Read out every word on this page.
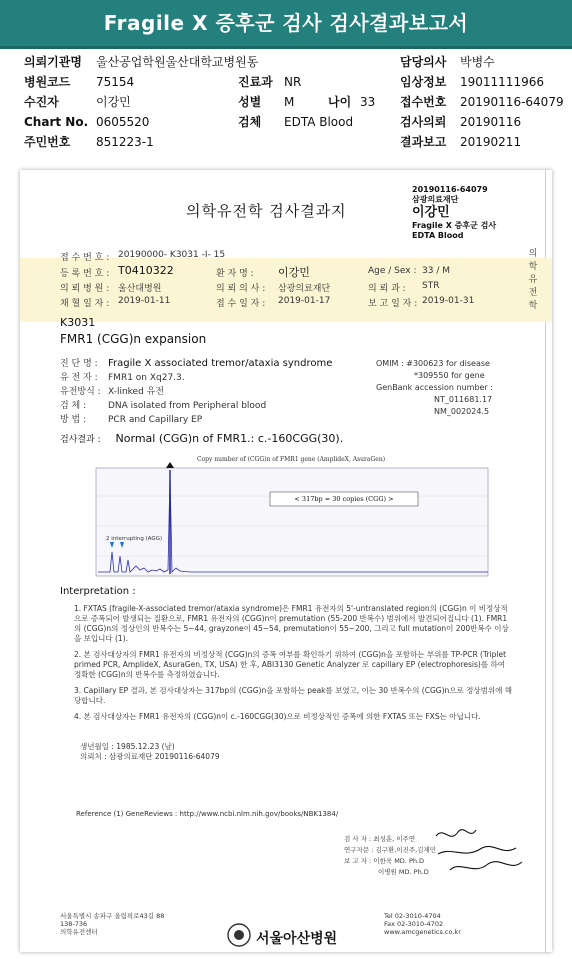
Fragile X 증후군 검사 검사결과보고서
의뢰기관명 울산공업학원울산대학교병원동	담당의사 박병수
병원코드 75154	진료과 NR	임상정보 19011111966
수진자	이강민	성별 M	나이 33 접수번호 20190116-64079
Chart No. 0605520	검체 EDTA Blood	검사의뢰 20190116
주민번호 851223-1	결과보고 20190211
20190116-64079
삼광의료재단
이강민
Fragile X 증후군 검사
EDTA Blood
의학유전학 검사결과지
의
학
유
전
학
접 수 번 호 : 20190000- K3031 -I- 15
등 록 번 호 : T0410322	환 자 명 : 이강민	Age / Sex : 33 / M
의 뢰 병 원 : 울산대병원	의 뢰 의 사 : 삼광의료재단	의 뢰 과 : STR
채 혈 일 자 : 2019-01-11	접 수 일 자 : 2019-01-17	보 고 일 자 : 2019-01-31
K3031
FMR1 (CGG)n expansion
진 단 명 : Fragile X associated tremor/ataxia syndrome
유 전 자 : FMR1 on Xq27.3.
유전방식 : X-linked 유전
검 체 : DNA isolated from Peripheral blood
방 법 : PCR and Capillary EP
OMIM : #300623 for disease
*309550 for gene
GenBank accession number :
NT_011681.17
NM_002024.5
검사결과 : Normal (CGG)n of FMR1.: c.-160CGG(30).
Copy number of (CGG)n of FMR1 gene (AmplideX, AsuraGen)
2 interrupting (AGG)
< 317bp = 30 copies (CGG) >
Interpretation :

1. FXTAS (fragile-X-associated tremor/ataxia syndrome)은 FMR1 유전자의 5'-untranslated region의 (CGG)n 이 비정상적으로 증폭되어 발생되는 질환으로, FMR1 유전자의 (CGG)n이 premutation (55-200 반복수) 범위에서 발견되어집니다 (1). FMR1의 (CGG)n의 정상인의 반복수는 5~44, grayzone이 45~54, premutation이 55~200, 그리고 full mutation이 200반복수 이상을 보입니다 (1).

2. 본 검사대상자의 FMR1 유전자의 비정상적 (CGG)n의 증폭 여부를 확인하기 위하여 (CGG)n을 포함하는 부위를 TP-PCR (Triplet primed PCR, AmplideX, AsuraGen, TX, USA) 한 후, ABI3130 Genetic Analyzer 로 capillary EP (electrophoresis)를 하여 정확한 (CGG)n의 반복수를 측정하였습니다.

3. Capillary EP 결과, 본 검사대상자는 317bp의 (CGG)n을 포함하는 peak를 보였고, 이는 30 반복수의 (CGG)n으로 정상범위에 해당합니다.

4. 본 검사대상자는 FMR1 유전자의 (CGG)n이 c.-160CGG(30)으로 비정상적인 증폭에 의한 FXTAS 또는 FXS는 아닙니다.

생년월일 : 1985.12.23 (남)
의뢰처 : 삼광의료재단 20190116-64079
Reference (1) GeneReviews : http://www.ncbi.nlm.nih.gov/books/NBK1384/
검 사 자 : 최성훈, 이주연
연구자문 : 김구환,이진주,김재민
보 고 자 : 이한욱 MD. Ph.D
이병원 MD. Ph.D
서울특별시 송파구 올림픽로43길 88
138-736
의학유전센터	서울아산병원
Tel 02-3010-4704
Fax 02-3010-4702
www.amcgenetics.co.kr
